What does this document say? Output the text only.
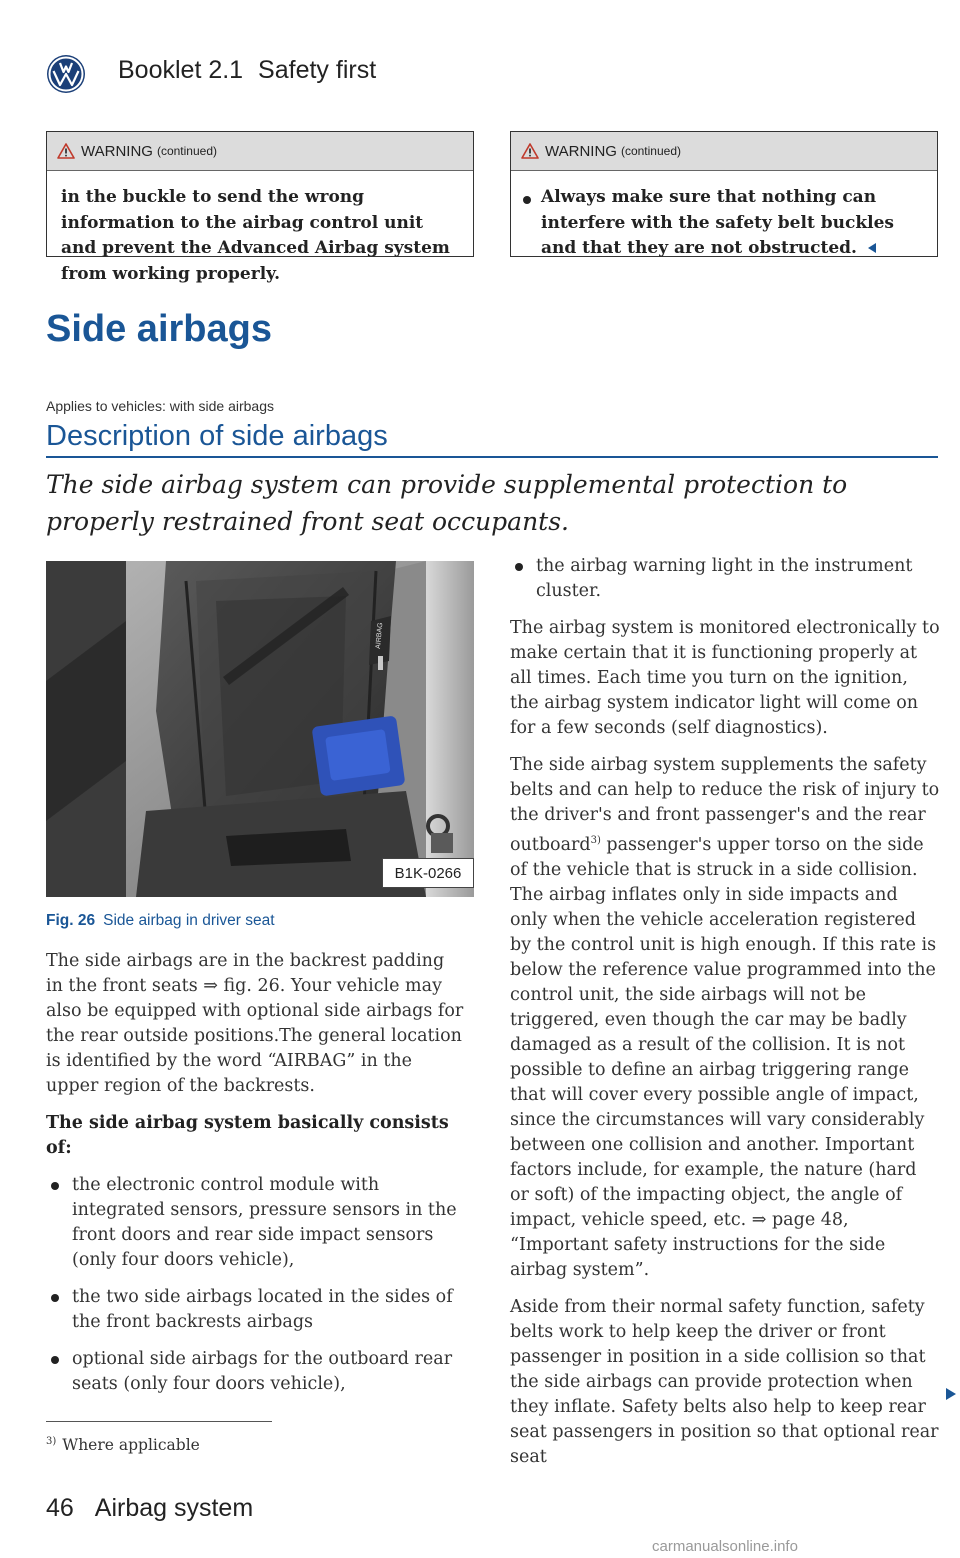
Booklet 2.1 Safety first
WARNING (continued)
in the buckle to send the wrong information to the airbag control unit and prevent the Advanced Airbag system from working properly.
WARNING (continued)
Always make sure that nothing can interfere with the safety belt buckles and that they are not obstructed.
Side airbags
Applies to vehicles: with side airbags
Description of side airbags
The side airbag system can provide supplemental protection to properly restrained front seat occupants.
AIRBAG
B1K-0266
Fig. 26 Side airbag in driver seat

The side airbags are in the backrest padding in the front seats ⇒ fig. 26. Your vehicle may also be equipped with optional side airbags for the rear outside positions.The general location is identified by the word “AIRBAG” in the upper region of the backrests.

The side airbag system basically consists of:

the electronic control module with integrated sensors, pressure sensors in the front doors and rear side impact sensors (only four doors vehicle),

the two side airbags located in the sides of the front backrests airbags

optional side airbags for the outboard rear seats (only four doors vehicle),

the airbag warning light in the instrument cluster.

The airbag system is monitored electronically to make certain that it is functioning properly at all times. Each time you turn on the ignition, the airbag system indicator light will come on for a few seconds (self diagnostics).

The side airbag system supplements the safety belts and can help to reduce the risk of injury to the driver's and front passenger's and the rear outboard$^{3)}$ passenger's upper torso on the side of the vehicle that is struck in a side collision. The airbag inflates only in side impacts and only when the vehicle acceleration registered by the control unit is high enough. If this rate is below the reference value programmed into the control unit, the side airbags will not be triggered, even though the car may be badly damaged as a result of the collision. It is not possible to define an airbag triggering range that will cover every possible angle of impact, since the circumstances will vary considerably between one collision and another. Important factors include, for example, the nature (hard or soft) of the impacting object, the angle of impact, vehicle speed, etc. ⇒ page 48, “Important safety instructions for the side airbag system”.

Aside from their normal safety function, safety belts work to help keep the driver or front passenger in position in a side collision so that the side airbags can provide protection when they inflate. Safety belts also help to keep rear seat passengers in position so that optional rear seat

$^{3)}$ Where applicable
46 Airbag system
carmanualsonline.info
